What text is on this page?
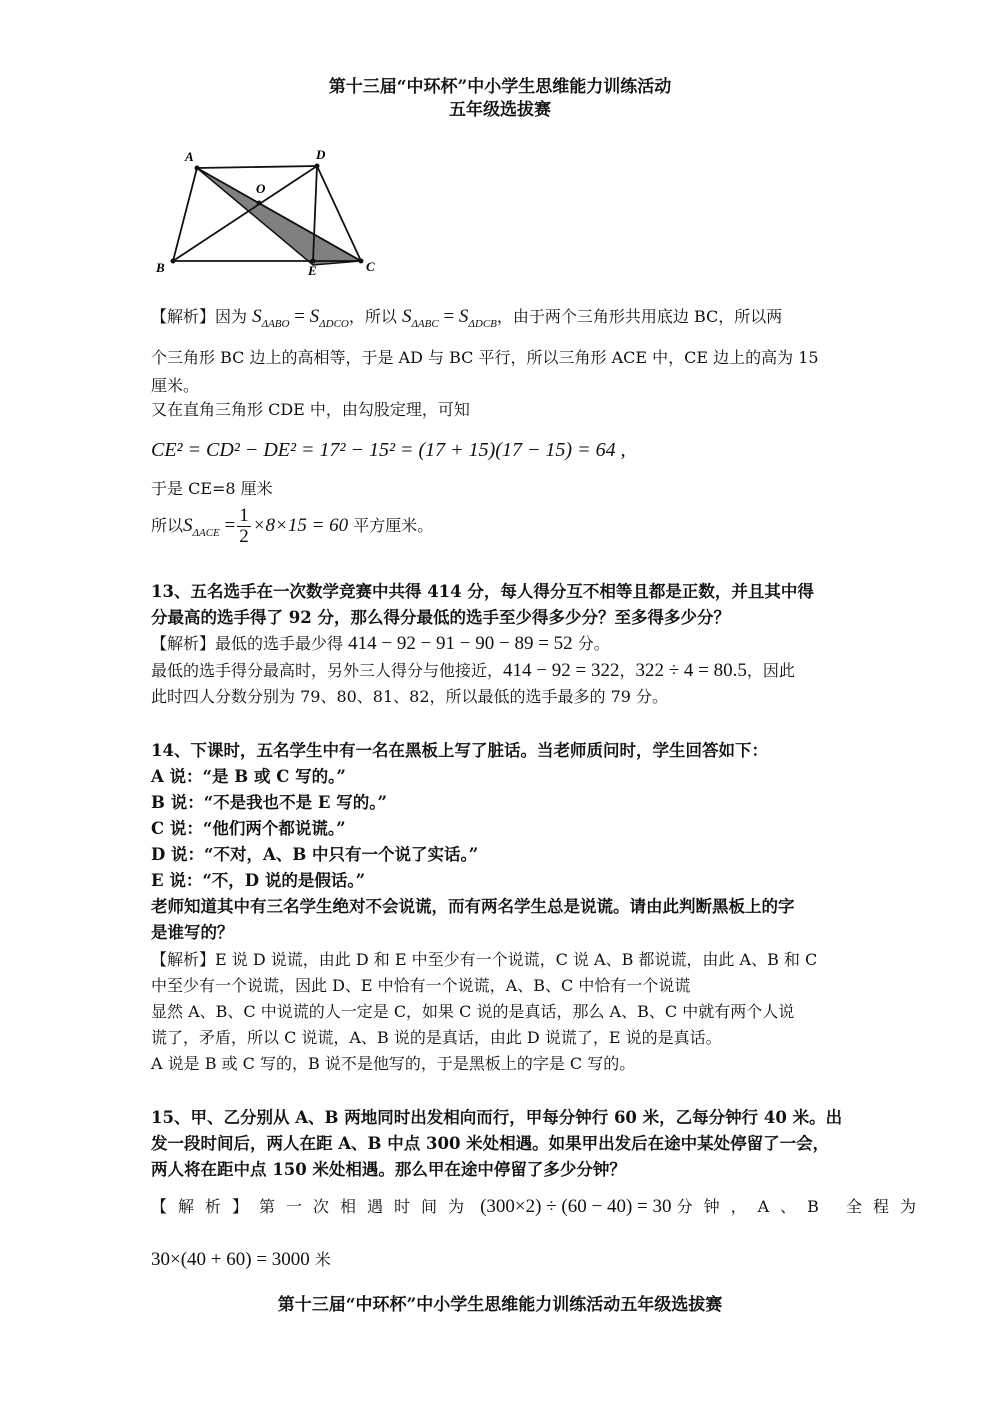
第十三届“中环杯”中小学生思维能力训练活动
五年级选拔赛
A	D
O
B	E	C
【解析】因为 $S_{\Delta ABO} = S_{\Delta DCO}$，所以 $S_{\Delta ABC} = S_{\Delta DCB}$，由于两个三角形共用底边 BC，所以两
个三角形 BC 边上的高相等，于是 AD 与 BC 平行，所以三角形 ACE 中，CE 边上的高为 15
厘米。
又在直角三角形 CDE 中，由勾股定理，可知
CE² = CD² − DE² = 17² − 15² = (17 + 15)(17 − 15) = 64 ,
于是 CE=8 厘米
所以$S_{\Delta ACE} = \frac{1}{2} \times 8\times 15 = 60$ 平方厘米。
13、五名选手在一次数学竞赛中共得 414 分，每人得分互不相等且都是正数，并且其中得
分最高的选手得了 92 分，那么得分最低的选手至少得多少分？至多得多少分？
【解析】最低的选手最少得 414 − 92 − 91 − 90 − 89 = 52 分。
最低的选手得分最高时，另外三人得分与他接近，414 − 92 = 322，322 ÷ 4 = 80.5，因此
此时四人分数分别为 79、80、81、82，所以最低的选手最多的 79 分。
14、下课时，五名学生中有一名在黑板上写了脏话。当老师质问时，学生回答如下：
A 说：“是 B 或 C 写的。”
B 说：“不是我也不是 E 写的。”
C 说：“他们两个都说谎。”
D 说：“不对，A、B 中只有一个说了实话。”
E 说：“不，D 说的是假话。”
老师知道其中有三名学生绝对不会说谎，而有两名学生总是说谎。请由此判断黑板上的字
是谁写的？
【解析】E 说 D 说谎，由此 D 和 E 中至少有一个说谎，C 说 A、B 都说谎，由此 A、B 和 C
中至少有一个说谎，因此 D、E 中恰有一个说谎，A、B、C 中恰有一个说谎
显然 A、B、C 中说谎的人一定是 C，如果 C 说的是真话，那么 A、B、C 中就有两个人说
谎了，矛盾，所以 C 说谎，A、B 说的是真话，由此 D 说谎了，E 说的是真话。
A 说是 B 或 C 写的，B 说不是他写的，于是黑板上的字是 C 写的。
15、甲、乙分别从 A、B 两地同时出发相向而行，甲每分钟行 60 米，乙每分钟行 40 米。出
发一段时间后，两人在距 A、B 中点 300 米处相遇。如果甲出发后在途中某处停留了一会，
两人将在距中点 150 米处相遇。那么甲在途中停留了多少分钟？
【解析】第一次相遇时间为 (300×2) ÷ (60 − 40) = 30 分钟，A、B 全程为
30×(40 + 60) = 3000 米
第十三届“中环杯”中小学生思维能力训练活动五年级选拔赛
